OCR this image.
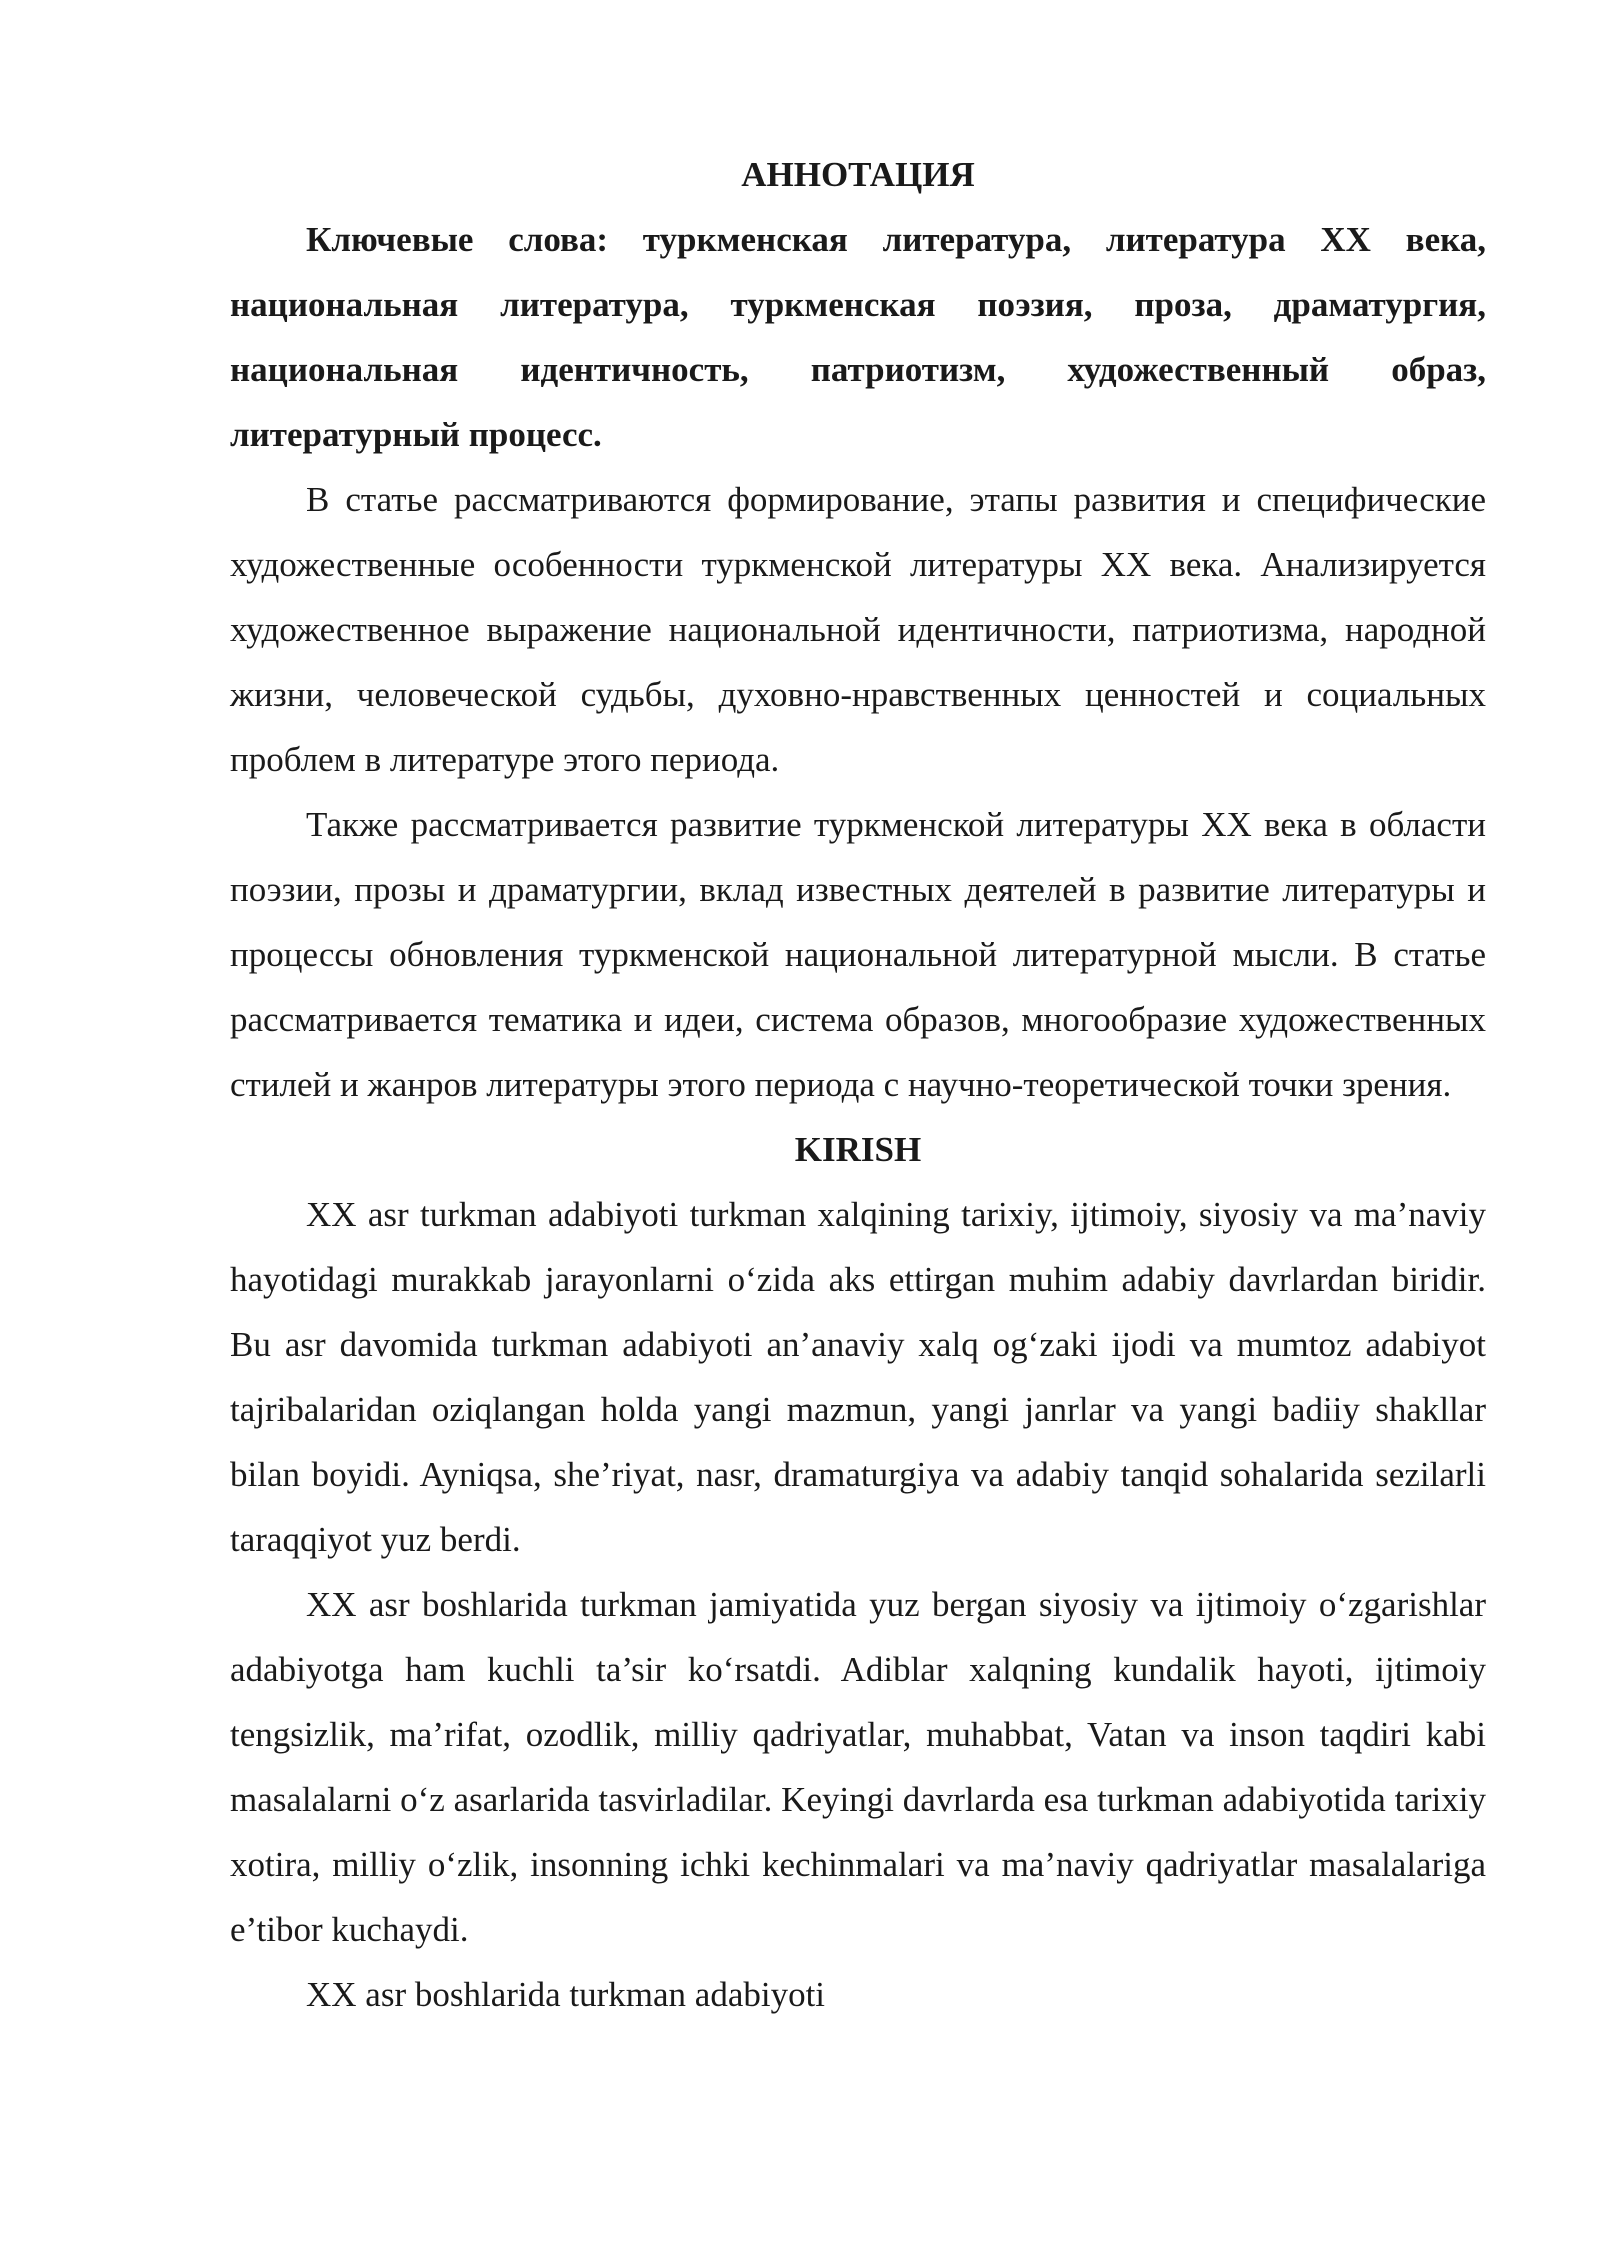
АННОТАЦИЯ

Ключевые слова: туркменская литература, литература XX века, национальная литература, туркменская поэзия, проза, драматургия, национальная идентичность, патриотизм, художественный образ, литературный процесс.

В статье рассматриваются формирование, этапы развития и специфические художественные особенности туркменской литературы XX века. Анализируется художественное выражение национальной идентичности, патриотизма, народной жизни, человеческой судьбы, духовно-нравственных ценностей и социальных проблем в литературе этого периода.

Также рассматривается развитие туркменской литературы XX века в области поэзии, прозы и драматургии, вклад известных деятелей в развитие литературы и процессы обновления туркменской национальной литературной мысли. В статье рассматривается тематика и идеи, система образов, многообразие художественных стилей и жанров литературы этого периода с научно-теоретической точки зрения.

KIRISH

XX asr turkman adabiyoti turkman xalqining tarixiy, ijtimoiy, siyosiy va ma’naviy hayotidagi murakkab jarayonlarni o‘zida aks ettirgan muhim adabiy davrlardan biridir. Bu asr davomida turkman adabiyoti an’anaviy xalq og‘zaki ijodi va mumtoz adabiyot tajribalaridan oziqlangan holda yangi mazmun, yangi janrlar va yangi badiiy shakllar bilan boyidi. Ayniqsa, she’riyat, nasr, dramaturgiya va adabiy tanqid sohalarida sezilarli taraqqiyot yuz berdi.

XX asr boshlarida turkman jamiyatida yuz bergan siyosiy va ijtimoiy o‘zgarishlar adabiyotga ham kuchli ta’sir ko‘rsatdi. Adiblar xalqning kundalik hayoti, ijtimoiy tengsizlik, ma’rifat, ozodlik, milliy qadriyatlar, muhabbat, Vatan va inson taqdiri kabi masalalarni o‘z asarlarida tasvirladilar. Keyingi davrlarda esa turkman adabiyotida tarixiy xotira, milliy o‘zlik, insonning ichki kechinmalari va ma’naviy qadriyatlar masalalariga e’tibor kuchaydi.

XX asr boshlarida turkman adabiyoti
